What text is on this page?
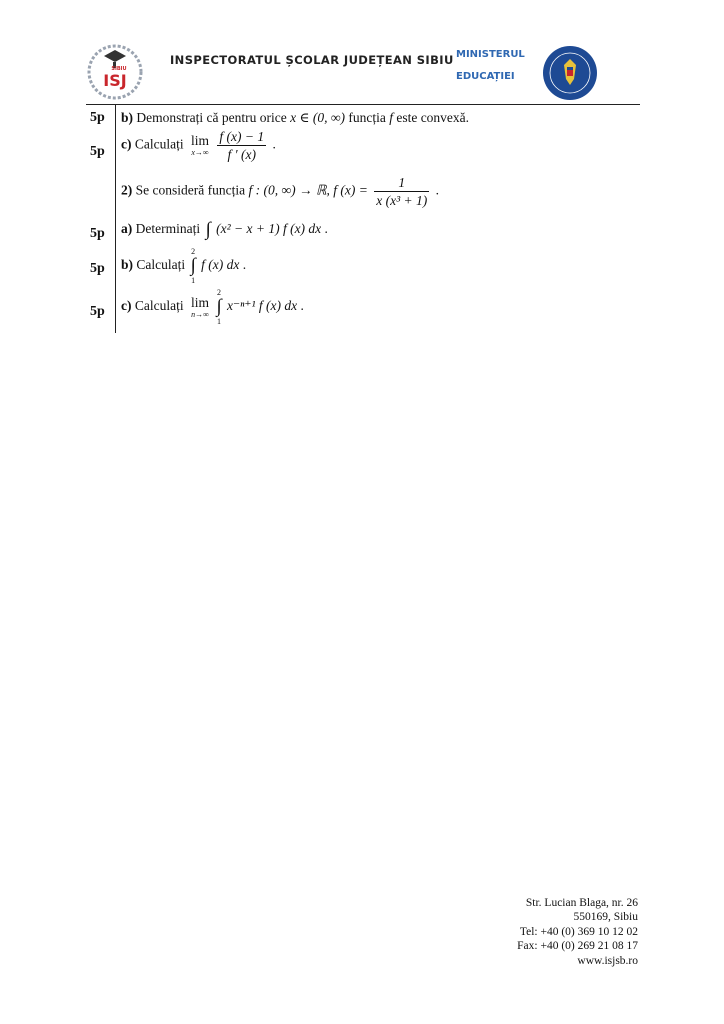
ISJ
SIBIU
INSPECTORATUL ȘCOLAR JUDEȚEAN SIBIU MINISTERUL
EDUCAȚIEI
5p b) Demonstrați că pentru orice x ∈ (0, ∞) funcția f este convexă.
5p c) Calculați lim
x→∞
$\frac{f (x) - 1}{f ' (x)}$ .
2) Se consideră funcția f : (0, ∞) → ℝ, f $(x) = \frac{1}{\text{x (x³ + 1)}}$ .
5p a) Determinați ∫ (x² − x + 1) f (x) dx .
5p b) Calculați
2
∫
1
f (x) dx .
5p c) Calculați lim
n→∞

2
∫
1
x⁻ⁿ⁺¹ f (x) dx .
Str. Lucian Blaga, nr. 26
550169, Sibiu
Tel: +40 (0) 369 10 12 02
Fax: +40 (0) 269 21 08 17
www.isjsb.ro
